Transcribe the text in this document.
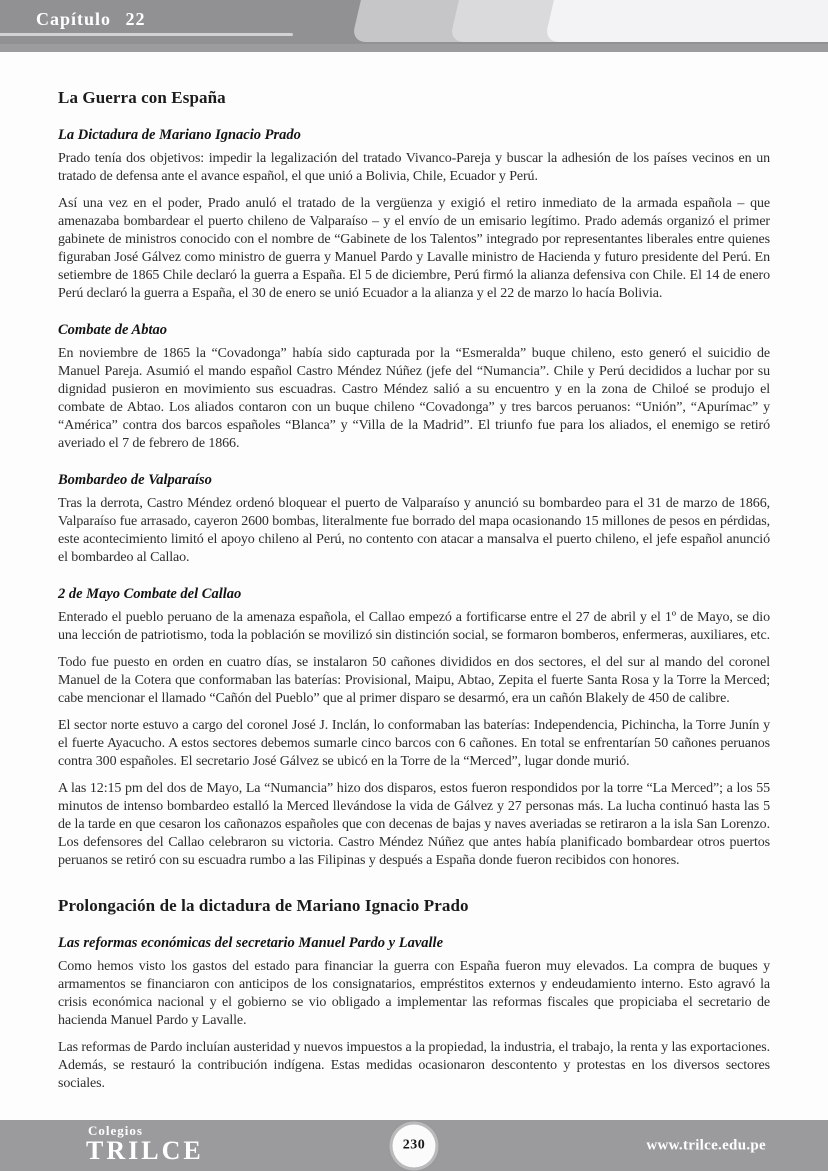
Capítulo 22
La Guerra con España
La Dictadura de Mariano Ignacio Prado
Prado tenía dos objetivos: impedir la legalización del tratado Vivanco-Pareja y buscar la adhesión de los países vecinos en un tratado de defensa ante el avance español, el que unió a Bolivia, Chile, Ecuador y Perú.
Así una vez en el poder, Prado anuló el tratado de la vergüenza y exigió el retiro inmediato de la armada española – que amenazaba bombardear el puerto chileno de Valparaíso – y el envío de un emisario legítimo. Prado además organizó el primer gabinete de ministros conocido con el nombre de “Gabinete de los Talentos” integrado por representantes liberales entre quienes figuraban José Gálvez como ministro de guerra y Manuel Pardo y Lavalle ministro de Hacienda y futuro presidente del Perú. En setiembre de 1865 Chile declaró la guerra a España. El 5 de diciembre, Perú firmó la alianza defensiva con Chile. El 14 de enero Perú declaró la guerra a España, el 30 de enero se unió Ecuador a la alianza y el 22 de marzo lo hacía Bolivia.
Combate de Abtao
En noviembre de 1865 la “Covadonga” había sido capturada por la “Esmeralda” buque chileno, esto generó el suicidio de Manuel Pareja. Asumió el mando español Castro Méndez Núñez (jefe del “Numancia”. Chile y Perú decididos a luchar por su dignidad pusieron en movimiento sus escuadras. Castro Méndez salió a su encuentro y en la zona de Chiloé se produjo el combate de Abtao. Los aliados contaron con un buque chileno “Covadonga” y tres barcos peruanos: “Unión”, “Apurímac” y “América” contra dos barcos españoles “Blanca” y “Villa de la Madrid”. El triunfo fue para los aliados, el enemigo se retiró averiado el 7 de febrero de 1866.
Bombardeo de Valparaíso
Tras la derrota, Castro Méndez ordenó bloquear el puerto de Valparaíso y anunció su bombardeo para el 31 de marzo de 1866, Valparaíso fue arrasado, cayeron 2600 bombas, literalmente fue borrado del mapa ocasionando 15 millones de pesos en pérdidas, este acontecimiento limitó el apoyo chileno al Perú, no contento con atacar a mansalva el puerto chileno, el jefe español anunció el bombardeo al Callao.
2 de Mayo Combate del Callao
Enterado el pueblo peruano de la amenaza española, el Callao empezó a fortificarse entre el 27 de abril y el 1º de Mayo, se dio una lección de patriotismo, toda la población se movilizó sin distinción social, se formaron bomberos, enfermeras, auxiliares, etc.
Todo fue puesto en orden en cuatro días, se instalaron 50 cañones divididos en dos sectores, el del sur al mando del coronel Manuel de la Cotera que conformaban las baterías: Provisional, Maipu, Abtao, Zepita el fuerte Santa Rosa y la Torre la Merced; cabe mencionar el llamado “Cañón del Pueblo” que al primer disparo se desarmó, era un cañón Blakely de 450 de calibre.
El sector norte estuvo a cargo del coronel José J. Inclán, lo conformaban las baterías: Independencia, Pichincha, la Torre Junín y el fuerte Ayacucho. A estos sectores debemos sumarle cinco barcos con 6 cañones. En total se enfrentarían 50 cañones peruanos contra 300 españoles. El secretario José Gálvez se ubicó en la Torre de la “Merced”, lugar donde murió.
A las 12:15 pm del dos de Mayo, La “Numancia” hizo dos disparos, estos fueron respondidos por la torre “La Merced”; a los 55 minutos de intenso bombardeo estalló la Merced llevándose la vida de Gálvez y 27 personas más. La lucha continuó hasta las 5 de la tarde en que cesaron los cañonazos españoles que con decenas de bajas y naves averiadas se retiraron a la isla San Lorenzo. Los defensores del Callao celebraron su victoria. Castro Méndez Núñez que antes había planificado bombardear otros puertos peruanos se retiró con su escuadra rumbo a las Filipinas y después a España donde fueron recibidos con honores.
Prolongación de la dictadura de Mariano Ignacio Prado
Las reformas económicas del secretario Manuel Pardo y Lavalle
Como hemos visto los gastos del estado para financiar la guerra con España fueron muy elevados. La compra de buques y armamentos se financiaron con anticipos de los consignatarios, empréstitos externos y endeudamiento interno. Esto agravó la crisis económica nacional y el gobierno se vio obligado a implementar las reformas fiscales que propiciaba el secretario de hacienda Manuel Pardo y Lavalle.
Las reformas de Pardo incluían austeridad y nuevos impuestos a la propiedad, la industria, el trabajo, la renta y las exportaciones. Además, se restauró la contribución indígena. Estas medidas ocasionaron descontento y protestas en los diversos sectores sociales.
Colegios
TRILCE	230	www.trilce.edu.pe
